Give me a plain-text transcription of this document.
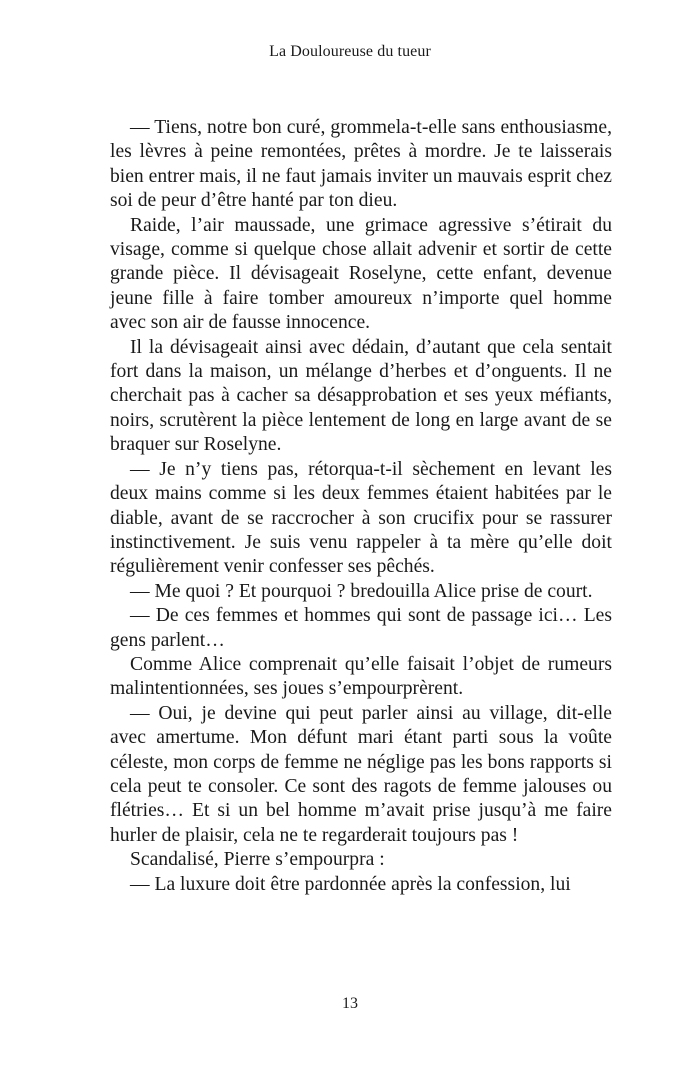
La Douloureuse du tueur

— Tiens, notre bon curé, grommela-t-elle sans enthousiasme, les lèvres à peine remontées, prêtes à mordre. Je te laisserais bien entrer mais, il ne faut jamais inviter un mauvais esprit chez soi de peur d’être hanté par ton dieu.

Raide, l’air maussade, une grimace agressive s’étirait du visage, comme si quelque chose allait advenir et sortir de cette grande pièce. Il dévisageait Roselyne, cette enfant, devenue jeune fille à faire tomber amoureux n’importe quel homme avec son air de fausse innocence.

Il la dévisageait ainsi avec dédain, d’autant que cela sentait fort dans la maison, un mélange d’herbes et d’onguents. Il ne cherchait pas à cacher sa désapprobation et ses yeux méfiants, noirs, scrutèrent la pièce lentement de long en large avant de se braquer sur Roselyne.

— Je n’y tiens pas, rétorqua-t-il sèchement en levant les deux mains comme si les deux femmes étaient habitées par le diable, avant de se raccrocher à son crucifix pour se rassurer instinctivement. Je suis venu rappeler à ta mère qu’elle doit régulièrement venir confesser ses pêchés.

— Me quoi ? Et pourquoi ? bredouilla Alice prise de court.

— De ces femmes et hommes qui sont de passage ici… Les gens parlent…

Comme Alice comprenait qu’elle faisait l’objet de rumeurs malintentionnées, ses joues s’empourprèrent.

— Oui, je devine qui peut parler ainsi au village, dit-elle avec amertume. Mon défunt mari étant parti sous la voûte céleste, mon corps de femme ne néglige pas les bons rapports si cela peut te consoler. Ce sont des ragots de femme jalouses ou flétries… Et si un bel homme m’avait prise jusqu’à me faire hurler de plaisir, cela ne te regarderait toujours pas !

Scandalisé, Pierre s’empourpra :

— La luxure doit être pardonnée après la confession, lui

13
